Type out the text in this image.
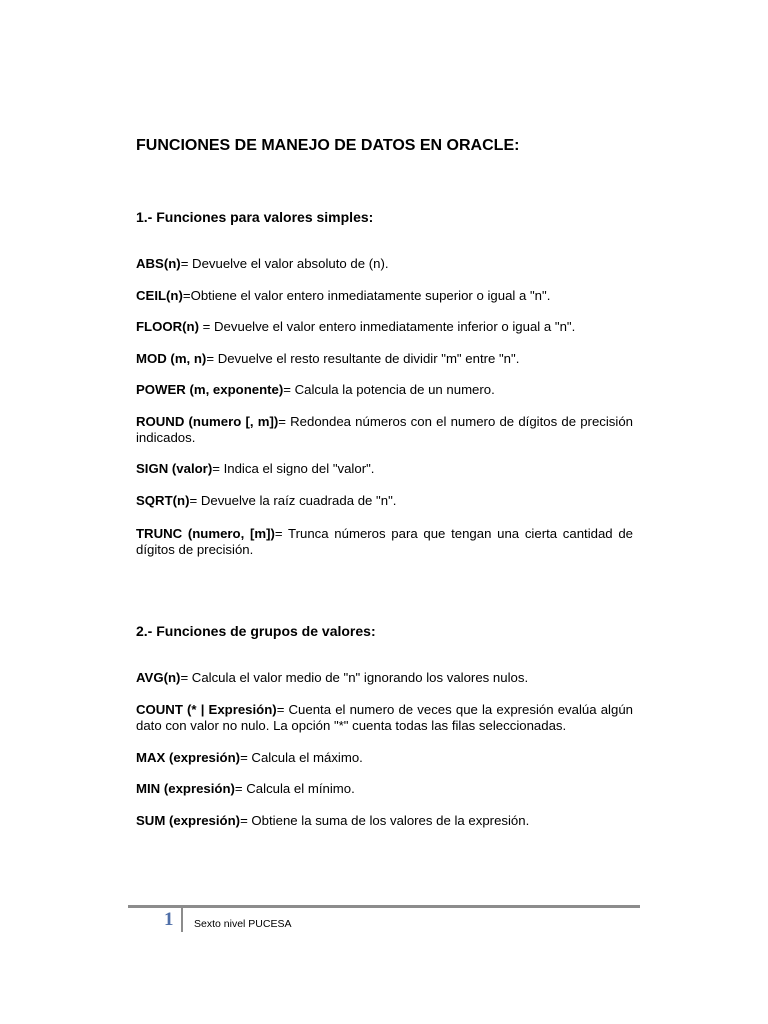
FUNCIONES DE MANEJO DE DATOS EN ORACLE:
1.- Funciones para valores simples:

ABS(n)= Devuelve el valor absoluto de (n).

CEIL(n)=Obtiene el valor entero inmediatamente superior o igual a "n".

FLOOR(n) = Devuelve el valor entero inmediatamente inferior o igual a "n".

MOD (m, n)= Devuelve el resto resultante de dividir "m" entre "n".

POWER (m, exponente)= Calcula la potencia de un numero.

ROUND (numero [, m])= Redondea números con el numero de dígitos de precisión indicados.

SIGN (valor)= Indica el signo del "valor".

SQRT(n)= Devuelve la raíz cuadrada de "n".

TRUNC (numero, [m])= Trunca números para que tengan una cierta cantidad de dígitos de precisión.

2.- Funciones de grupos de valores:

AVG(n)= Calcula el valor medio de "n" ignorando los valores nulos.

COUNT (* | Expresión)= Cuenta el numero de veces que la expresión evalúa algún dato con valor no nulo. La opción "*" cuenta todas las filas seleccionadas.

MAX (expresión)= Calcula el máximo.

MIN (expresión)= Calcula el mínimo.

SUM (expresión)= Obtiene la suma de los valores de la expresión.

1 Sexto nivel PUCESA
